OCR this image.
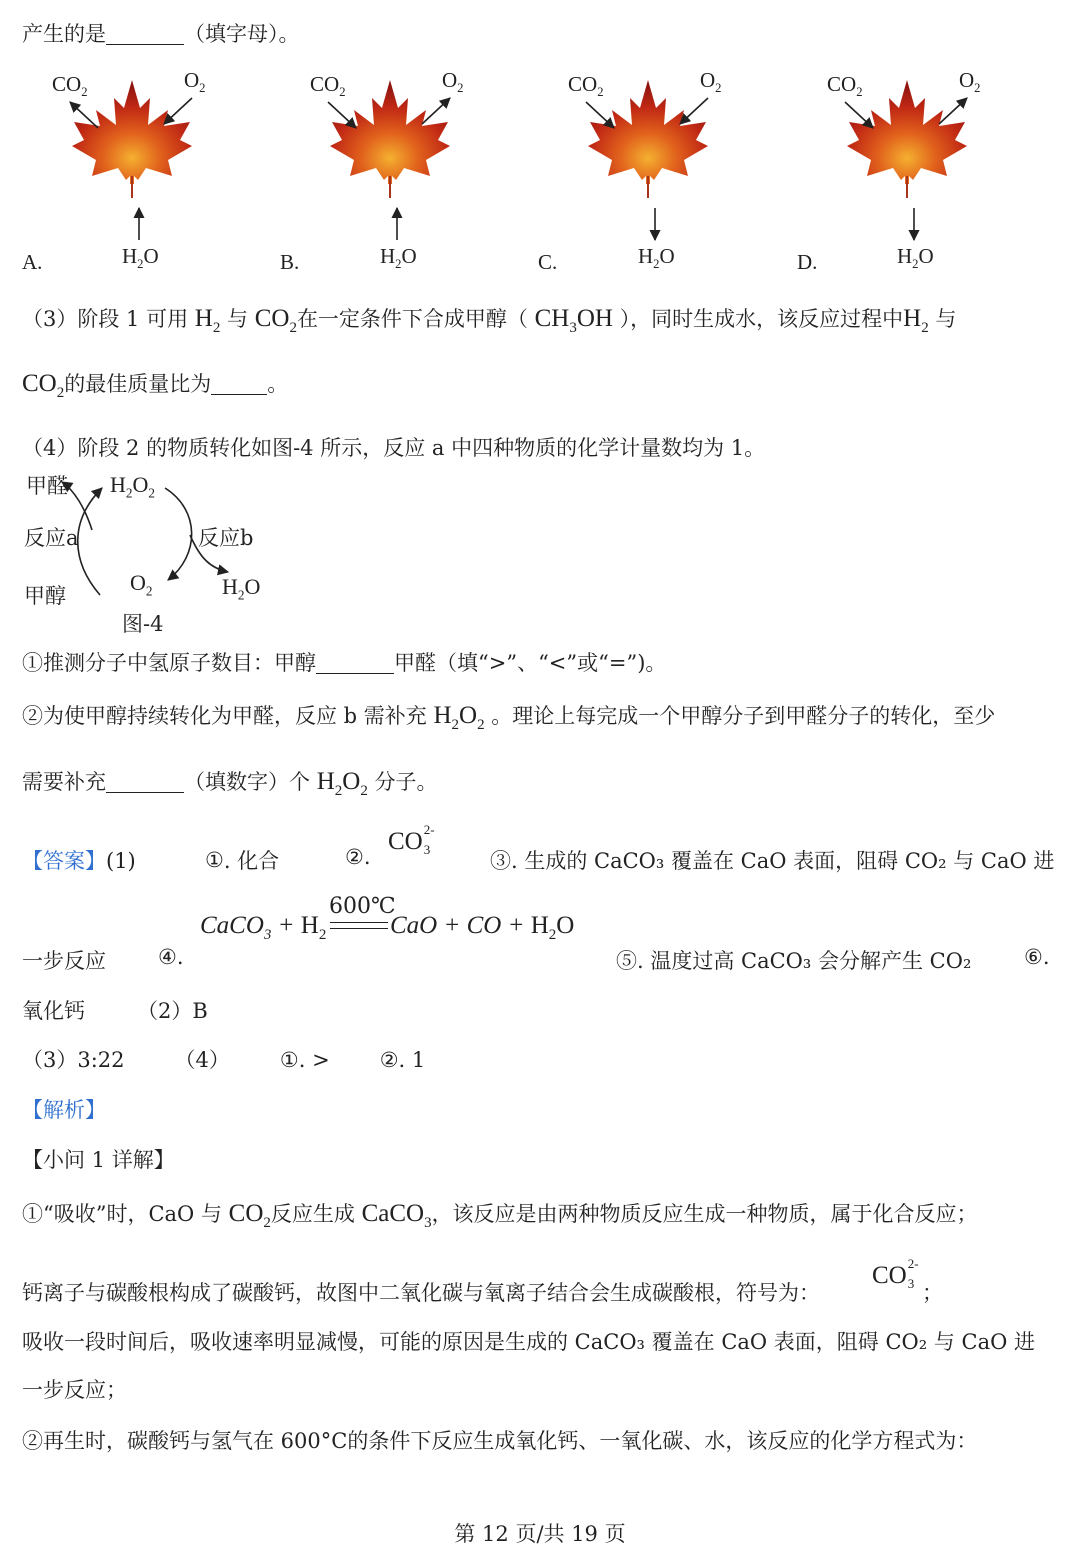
产生的是	（填字母）。
$CO_2$
$O_2$
$H_2O$
A.
$CO_2$
$O_2$
$H_2O$
B.
$CO_2$
$O_2$
$H_2O$
C.
$CO_2$
$O_2$
$H_2O$
D.
（3）阶段 1 可用 $H_2$ 与 $CO_2$在一定条件下合成甲醇（ $CH_3OH$ ），同时生成水，该反应过程中$H_2$ 与
$CO_2$的最佳质量比为	。
（4）阶段 2 的物质转化如图-4 所示，反应 a 中四种物质的化学计量数均为 1。
甲醛 $H_2O_2$
反应a	反应b
甲醇
$O_2$	$H_2O$
图-4
①推测分子中氢原子数目：甲醇	甲醛（填“>”、“<”或“=”)。
②为使甲醇持续转化为甲醛，反应 b 需补充 $H_2O_2$ 。理论上每完成一个甲醇分子到甲醛分子的转化，至少
需要补充	（填数字）个 $H_2O_2$ 分子。
【答案】(1)	①. 化合	②.
CO 2-
3	③. 生成的 CaCO₃ 覆盖在 CaO 表面，阻碍 CO₂ 与 CaO 进
CaCO$_3$ + $H_2$
600℃
CaO + CO + $H_2O$
一步反应 ④.	⑤. 温度过高 CaCO₃ 会分解产生 CO₂	⑥.
氧化钙 （2）B
（3）3:22 （4） ①. > ②. 1
【解析】
【小问 1 详解】
①“吸收”时，CaO 与 $CO_2$反应生成 CaCO$_3$，该反应是由两种物质反应生成一种物质，属于化合反应；
钙离子与碳酸根构成了碳酸钙，故图中二氧化碳与氧离子结合会生成碳酸根，符号为：
CO 2-
3 ；
吸收一段时间后，吸收速率明显减慢，可能的原因是生成的 CaCO₃ 覆盖在 CaO 表面，阻碍 CO₂ 与 CaO 进
一步反应；
②再生时，碳酸钙与氢气在 600°C的条件下反应生成氧化钙、一氧化碳、水，该反应的化学方程式为：
第 12 页/共 19 页
